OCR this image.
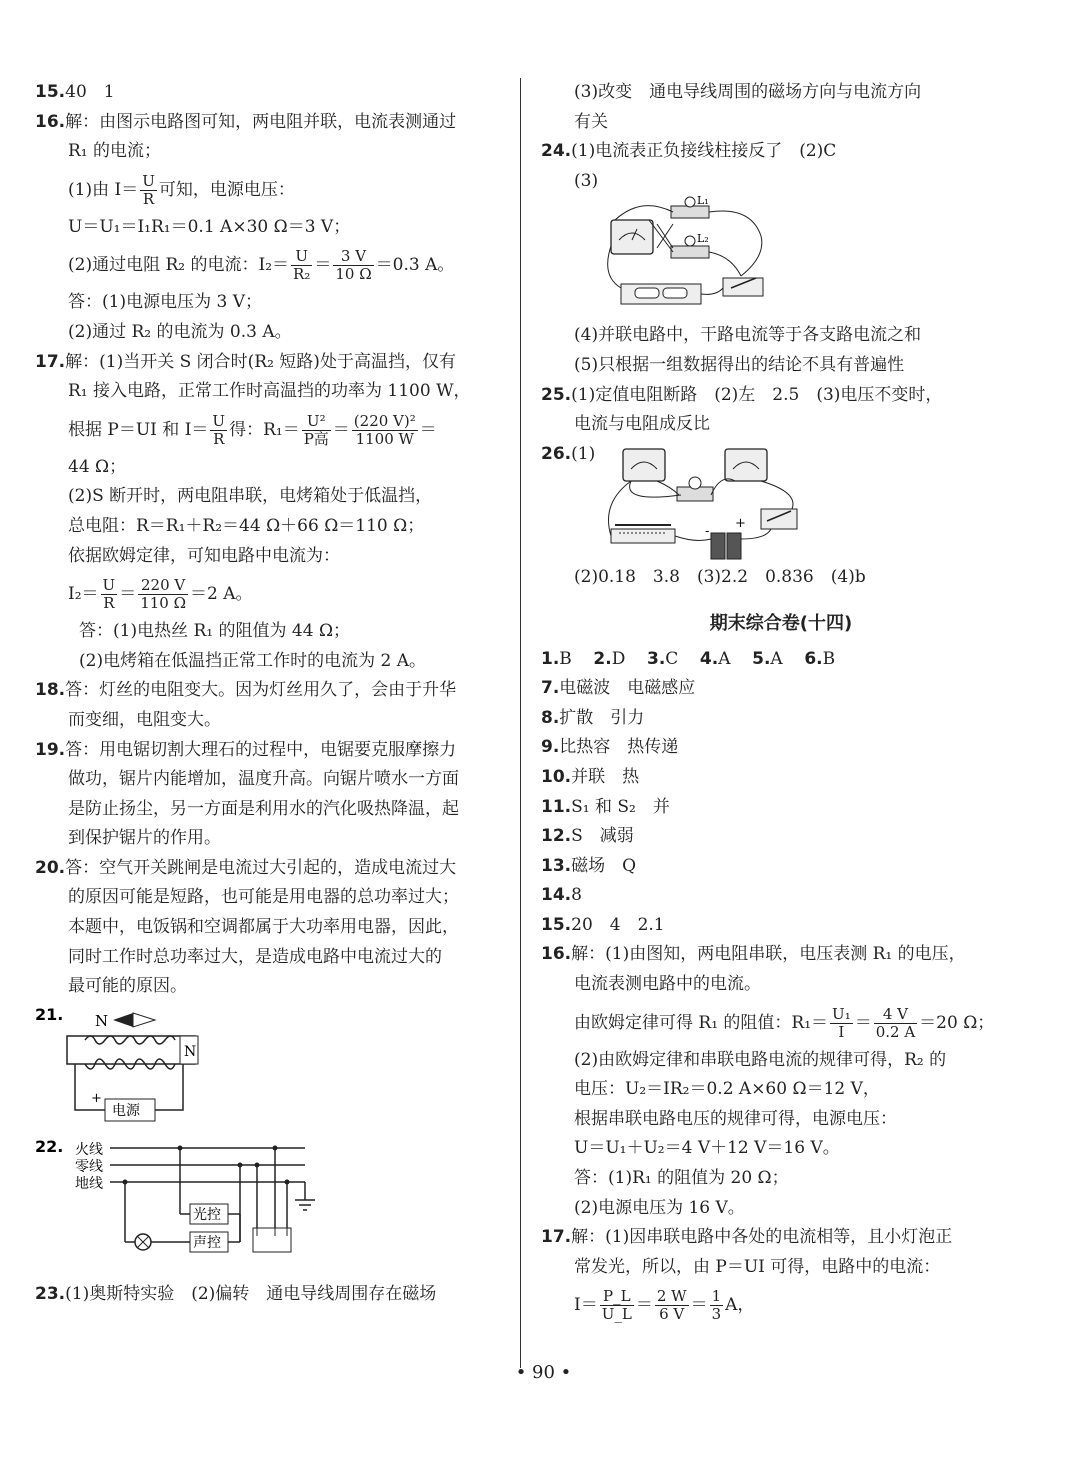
15.40　1
16.解：由图示电路图可知，两电阻并联，电流表测通过
R₁ 的电流；
(1)由 $I= \frac{U}{R}$ 可知，电源电压：
U＝U₁＝I₁R₁＝0.1 A×30 Ω＝3 V；
(2)通过电阻 R₂ 的电流：$I_2= \frac{U}{\text{R₂}} = \frac{3 V}{10 \Omega} =0.3$ A。
答：(1)电源电压为 3 V；
(2)通过 R₂ 的电流为 0.3 A。
17.解：(1)当开关 S 闭合时(R₂ 短路)处于高温挡，仅有
R₁ 接入电路，正常工作时高温挡的功率为 1100 W，
根据 P＝UI 和 $I= \frac{U}{R}$ 得：$R_1= \frac{\text{U²}}{\text{P高}} = \frac{\text{(220 V)²}}{1100 W}$ ＝
44 Ω；
(2)S 断开时，两电阻串联，电烤箱处于低温挡，
总电阻：R＝R₁＋R₂＝44 Ω＋66 Ω＝110 Ω；
依据欧姆定律，可知电路中电流为：
$I_2= \frac{U}{R} = \frac{220 V}{110 \Omega} =2$ A。
答：(1)电热丝 R₁ 的阻值为 44 Ω；
(2)电烤箱在低温挡正常工作时的电流为 2 A。
18.答：灯丝的电阻变大。因为灯丝用久了，会由于升华
而变细，电阻变大。
19.答：用电锯切割大理石的过程中，电锯要克服摩擦力
做功，锯片内能增加，温度升高。向锯片喷水一方面
是防止扬尘，另一方面是利用水的汽化吸热降温，起
到保护锯片的作用。
20.答：空气开关跳闸是电流过大引起的，造成电流过大
的原因可能是短路，也可能是用电器的总功率过大；
本题中，电饭锅和空调都属于大功率用电器，因此，
同时工作时总功率过大，是造成电路中电流过大的
最可能的原因。
21. N
N
+
电源
22. 火线
零线
地线
光控
声控
23.(1)奥斯特实验　(2)偏转　通电导线周围存在磁场
(3)改变　通电导线周围的磁场方向与电流方向
有关
24.(1)电流表正负接线柱接反了　(2)C
(3)
L₁
L₂
(4)并联电路中，干路电流等于各支路电流之和
(5)只根据一组数据得出的结论不具有普遍性
25.(1)定值电阻断路　(2)左　2.5　(3)电压不变时，
电流与电阻成反比
26.(1)
-
+
(2)0.18　3.8　(3)2.2　0.836　(4)b
期末综合卷(十四)
1.B 2.D 3.C 4.A 5.A 6.B
7.电磁波　电磁感应
8.扩散　引力
9.比热容　热传递
10.并联　热
11.S₁ 和 S₂　并
12.S　减弱
13.磁场　Q
14.8
15.20　4　2.1
16.解：(1)由图知，两电阻串联，电压表测 R₁ 的电压，
电流表测电路中的电流。
由欧姆定律可得 R₁ 的阻值：$R_1= \frac{\text{U₁}}{I} = \frac{4 V}{0.2 A} =20$ Ω；
(2)由欧姆定律和串联电路电流的规律可得，R₂ 的
电压：U₂＝IR₂＝0.2 A×60 Ω＝12 V，
根据串联电路电压的规律可得，电源电压：
U＝U₁＋U₂＝4 V＋12 V＝16 V。
答：(1)R₁ 的阻值为 20 Ω；
(2)电源电压为 16 V。
17.解：(1)因串联电路中各处的电流相等，且小灯泡正
常发光，所以，由 P＝UI 可得，电路中的电流：
$I= \frac{P\_L}{U\_L} = \frac{2 W}{6 V} = \frac{1}{3}$ A，
• 90 •
